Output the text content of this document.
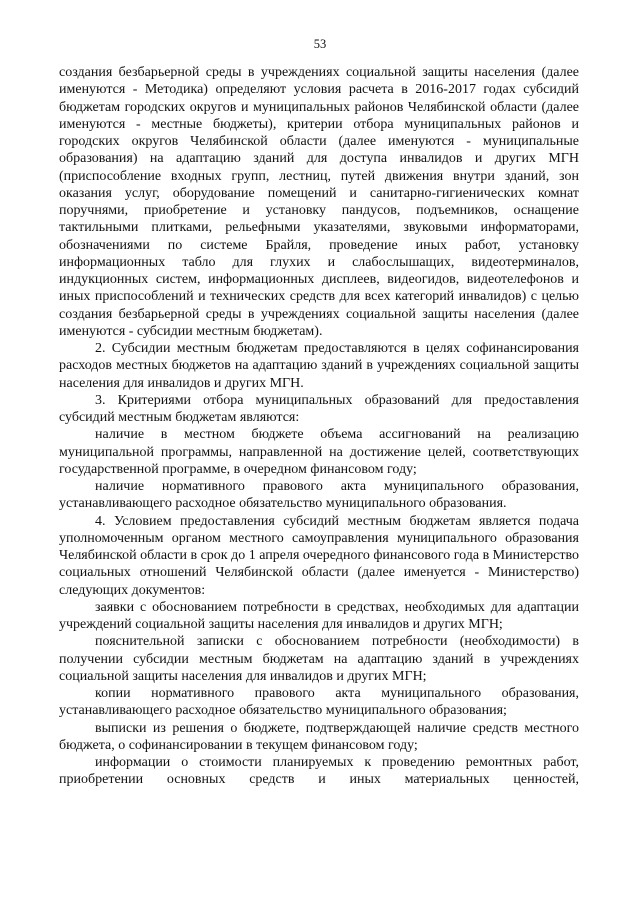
53

создания безбарьерной среды в учреждениях социальной защиты населения (далее именуются - Методика) определяют условия расчета в 2016-2017 годах субсидий бюджетам городских округов и муниципальных районов Челябинской области (далее именуются - местные бюджеты), критерии отбора муниципальных районов и городских округов Челябинской области (далее именуются - муниципальные образования) на адаптацию зданий для доступа инвалидов и других МГН (приспособление входных групп, лестниц, путей движения внутри зданий, зон оказания услуг, оборудование помещений и санитарно-гигиенических комнат поручнями, приобретение и установку пандусов, подъемников, оснащение тактильными плитками, рельефными указателями, звуковыми информаторами, обозначениями по системе Брайля, проведение иных работ, установку информационных табло для глухих и слабослышащих, видеотерминалов, индукционных систем, информационных дисплеев, видеогидов, видеотелефонов и иных приспособлений и технических средств для всех категорий инвалидов) с целью создания безбарьерной среды в учреждениях социальной защиты населения (далее именуются - субсидии местным бюджетам).

2. Субсидии местным бюджетам предоставляются в целях софинансирования расходов местных бюджетов на адаптацию зданий в учреждениях социальной защиты населения для инвалидов и других МГН.

3. Критериями отбора муниципальных образований для предоставления субсидий местным бюджетам являются:

наличие в местном бюджете объема ассигнований на реализацию муниципальной программы, направленной на достижение целей, соответствующих государственной программе, в очередном финансовом году;

наличие нормативного правового акта муниципального образования, устанавливающего расходное обязательство муниципального образования.

4. Условием предоставления субсидий местным бюджетам является подача уполномоченным органом местного самоуправления муниципального образования Челябинской области в срок до 1 апреля очередного финансового года в Министерство социальных отношений Челябинской области (далее именуется - Министерство) следующих документов:

заявки с обоснованием потребности в средствах, необходимых для адаптации учреждений социальной защиты населения для инвалидов и других МГН;

пояснительной записки с обоснованием потребности (необходимости) в получении субсидии местным бюджетам на адаптацию зданий в учреждениях социальной защиты населения для инвалидов и других МГН;

копии нормативного правового акта муниципального образования, устанавливающего расходное обязательство муниципального образования;

выписки из решения о бюджете, подтверждающей наличие средств местного бюджета, о софинансировании в текущем финансовом году;

информации о стоимости планируемых к проведению ремонтных работ, приобретении основных средств и иных материальных ценностей,
